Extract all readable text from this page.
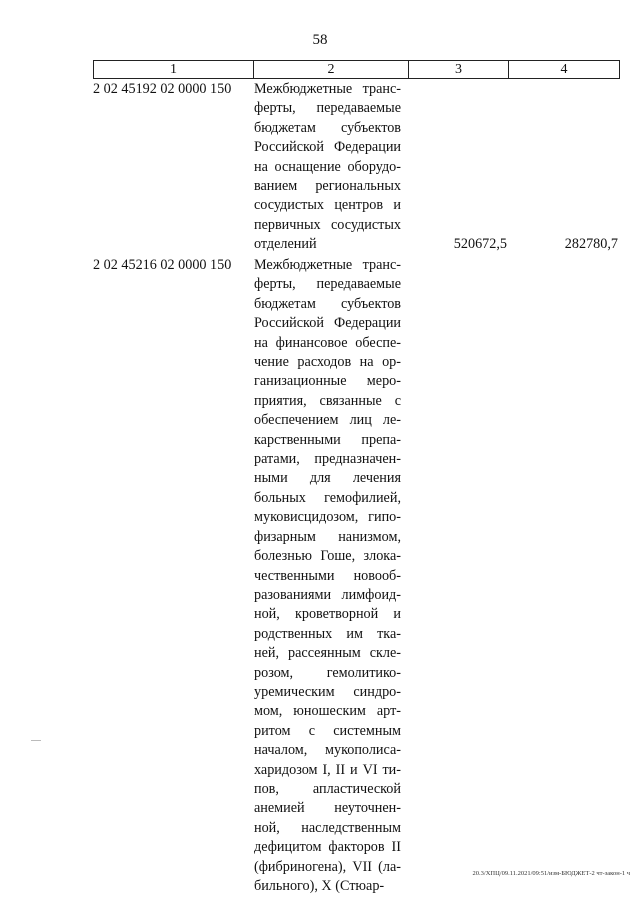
58
1	2	3	4
2 02 45192 02 0000 150	Межбюджетные транс-
ферты, передаваемые
бюджетам субъектов
Российской Федерации
на оснащение оборудо-
ванием региональных
сосудистых центров и
первичных сосудистых
отделений	520672,5	282780,7
2 02 45216 02 0000 150	Межбюджетные транс-
ферты, передаваемые
бюджетам субъектов
Российской Федерации
на финансовое обеспе-
чение расходов на ор-
ганизационные меро-
приятия, связанные с
обеспечением лиц ле-
карственными препа-
ратами, предназначен-
ными для лечения
больных гемофилией,
муковисцидозом, гипо-
физарным нанизмом,
болезнью Гоше, злока-
чественными новооб-
разованиями лимфоид-
ной, кроветворной и
родственных им тка-
ней, рассеянным скле-
розом, гемолитико-
уремическим синдро-
мом, юношеским арт-
ритом с системным
началом, мукополиса-
харидозом I, II и VI ти-
пов, апластической
анемией неуточнен-
ной, наследственным
дефицитом факторов II
(фибриногена), VII (ла-
бильного), X (Стюар-
20.3/ХПЦ/09.11.2021/09:51/изм-БЮДЖЕТ-2 чт-закон-1 ч
